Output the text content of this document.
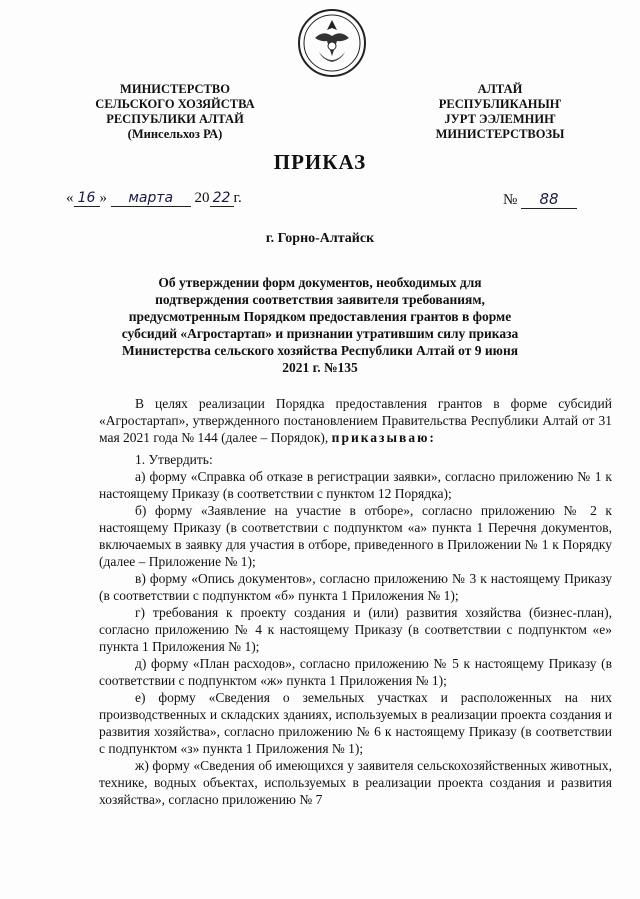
МИНИСТЕРСТВО
СЕЛЬСКОГО ХОЗЯЙСТВА
РЕСПУБЛИКИ АЛТАЙ
(Минсельхоз РА)
АЛТАЙ
РЕСПУБЛИКАНЫҤ
ЈУРТ ЭЭЛЕМНИҤ
МИНИСТЕРСТВОЗЫ
ПРИКАЗ
« 16 » марта 20 22 г.	№ 88
г. Горно-Алтайск
Об утверждении форм документов, необходимых для подтверждения соответствия заявителя требованиям, предусмотренным Порядком предоставления грантов в форме субсидий «Агростартап» и признании утратившим силу приказа Министерства сельского хозяйства Республики Алтай от 9 июня 2021 г. №135

В целях реализации Порядка предоставления грантов в форме субсидий «Агростартап», утвержденного постановлением Правительства Республики Алтай от 31 мая 2021 года № 144 (далее – Порядок), приказываю:

1. Утвердить:

а) форму «Справка об отказе в регистрации заявки», согласно приложению № 1 к настоящему Приказу (в соответствии с пунктом 12 Порядка);

б) форму «Заявление на участие в отборе», согласно приложению № 2 к настоящему Приказу (в соответствии с подпунктом «а» пункта 1 Перечня документов, включаемых в заявку для участия в отборе, приведенного в Приложении № 1 к Порядку (далее – Приложение № 1);

в) форму «Опись документов», согласно приложению № 3 к настоящему Приказу (в соответствии с подпунктом «б» пункта 1 Приложения № 1);

г) требования к проекту создания и (или) развития хозяйства (бизнес-план), согласно приложению № 4 к настоящему Приказу (в соответствии с подпунктом «е» пункта 1 Приложения № 1);

д) форму «План расходов», согласно приложению № 5 к настоящему Приказу (в соответствии с подпунктом «ж» пункта 1 Приложения № 1);

е) форму «Сведения о земельных участках и расположенных на них производственных и складских зданиях, используемых в реализации проекта создания и развития хозяйства», согласно приложению № 6 к настоящему Приказу (в соответствии с подпунктом «з» пункта 1 Приложения № 1);

ж) форму «Сведения об имеющихся у заявителя сельскохозяйственных животных, технике, водных объектах, используемых в реализации проекта создания и развития хозяйства», согласно приложению № 7
